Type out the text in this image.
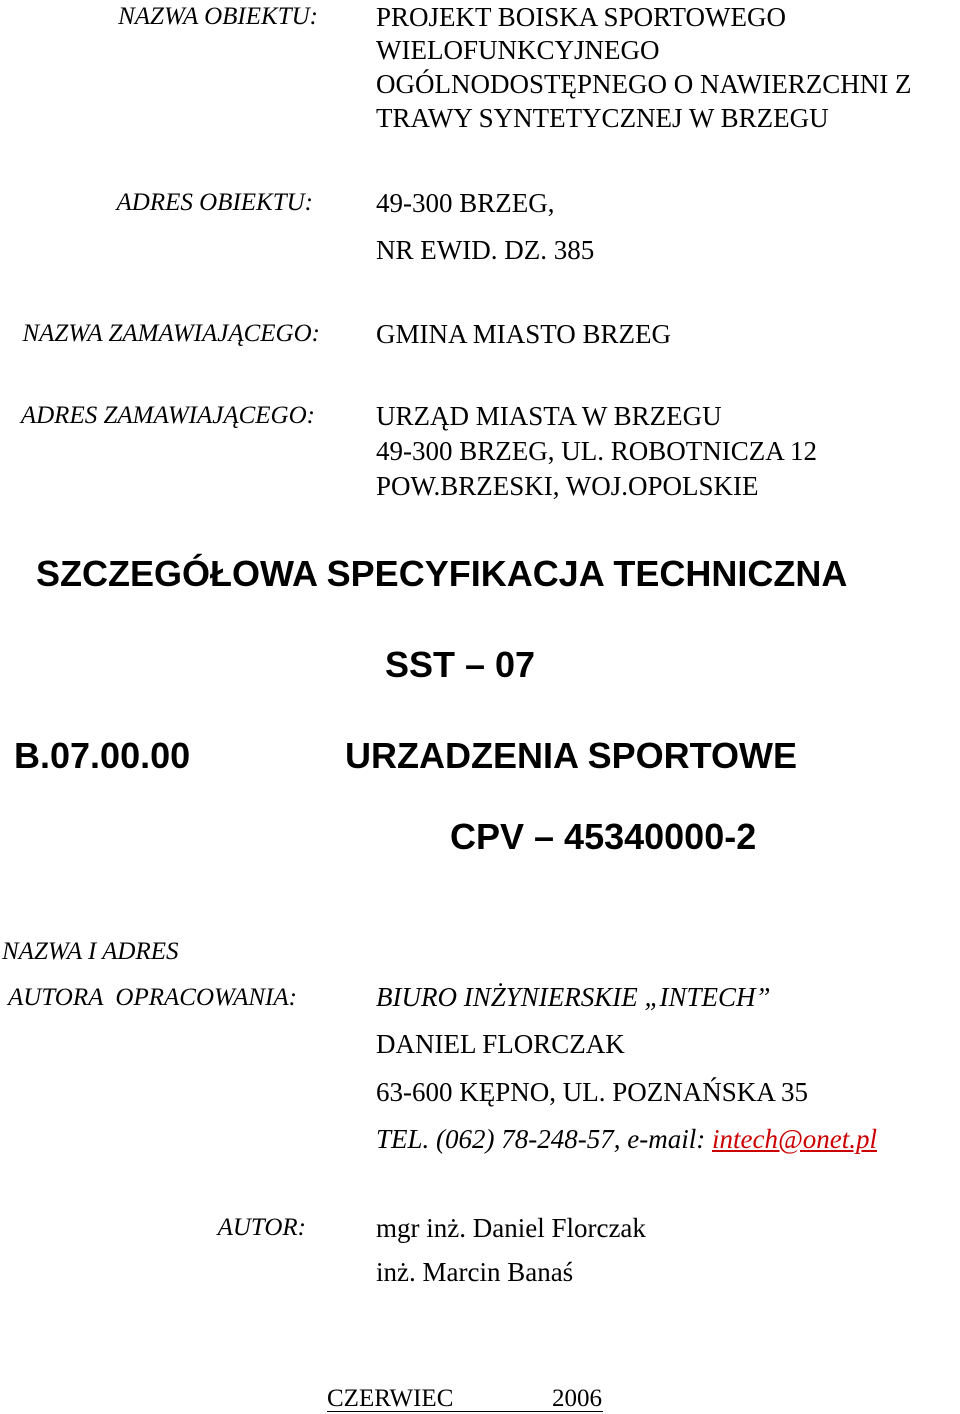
NAZWA OBIEKTU: PROJEKT BOISKA SPORTOWEGO
WIELOFUNKCYJNEGO
OGÓLNODOSTĘPNEGO O NAWIERZCHNI Z
TRAWY SYNTETYCZNEJ W BRZEGU
ADRES OBIEKTU: 49-300 BRZEG,
NR EWID. DZ. 385
NAZWA ZAMAWIAJĄCEGO: GMINA MIASTO BRZEG
ADRES ZAMAWIAJĄCEGO: URZĄD MIASTA W BRZEGU
49-300 BRZEG, UL. ROBOTNICZA 12
POW.BRZESKI, WOJ.OPOLSKIE
SZCZEGÓŁOWA SPECYFIKACJA TECHNICZNA
SST – 07
B.07.00.00	URZADZENIA SPORTOWE
CPV – 45340000-2
NAZWA I ADRES
AUTORA  OPRACOWANIA:	BIURO INŻYNIERSKIE „INTECH”
DANIEL FLORCZAK
63-600 KĘPNO, UL. POZNAŃSKA 35
TEL. (062) 78-248-57, e-mail: intech@onet.pl
AUTOR:	mgr inż. Daniel Florczak
inż. Marcin Banaś
CZERWIEC	2006
